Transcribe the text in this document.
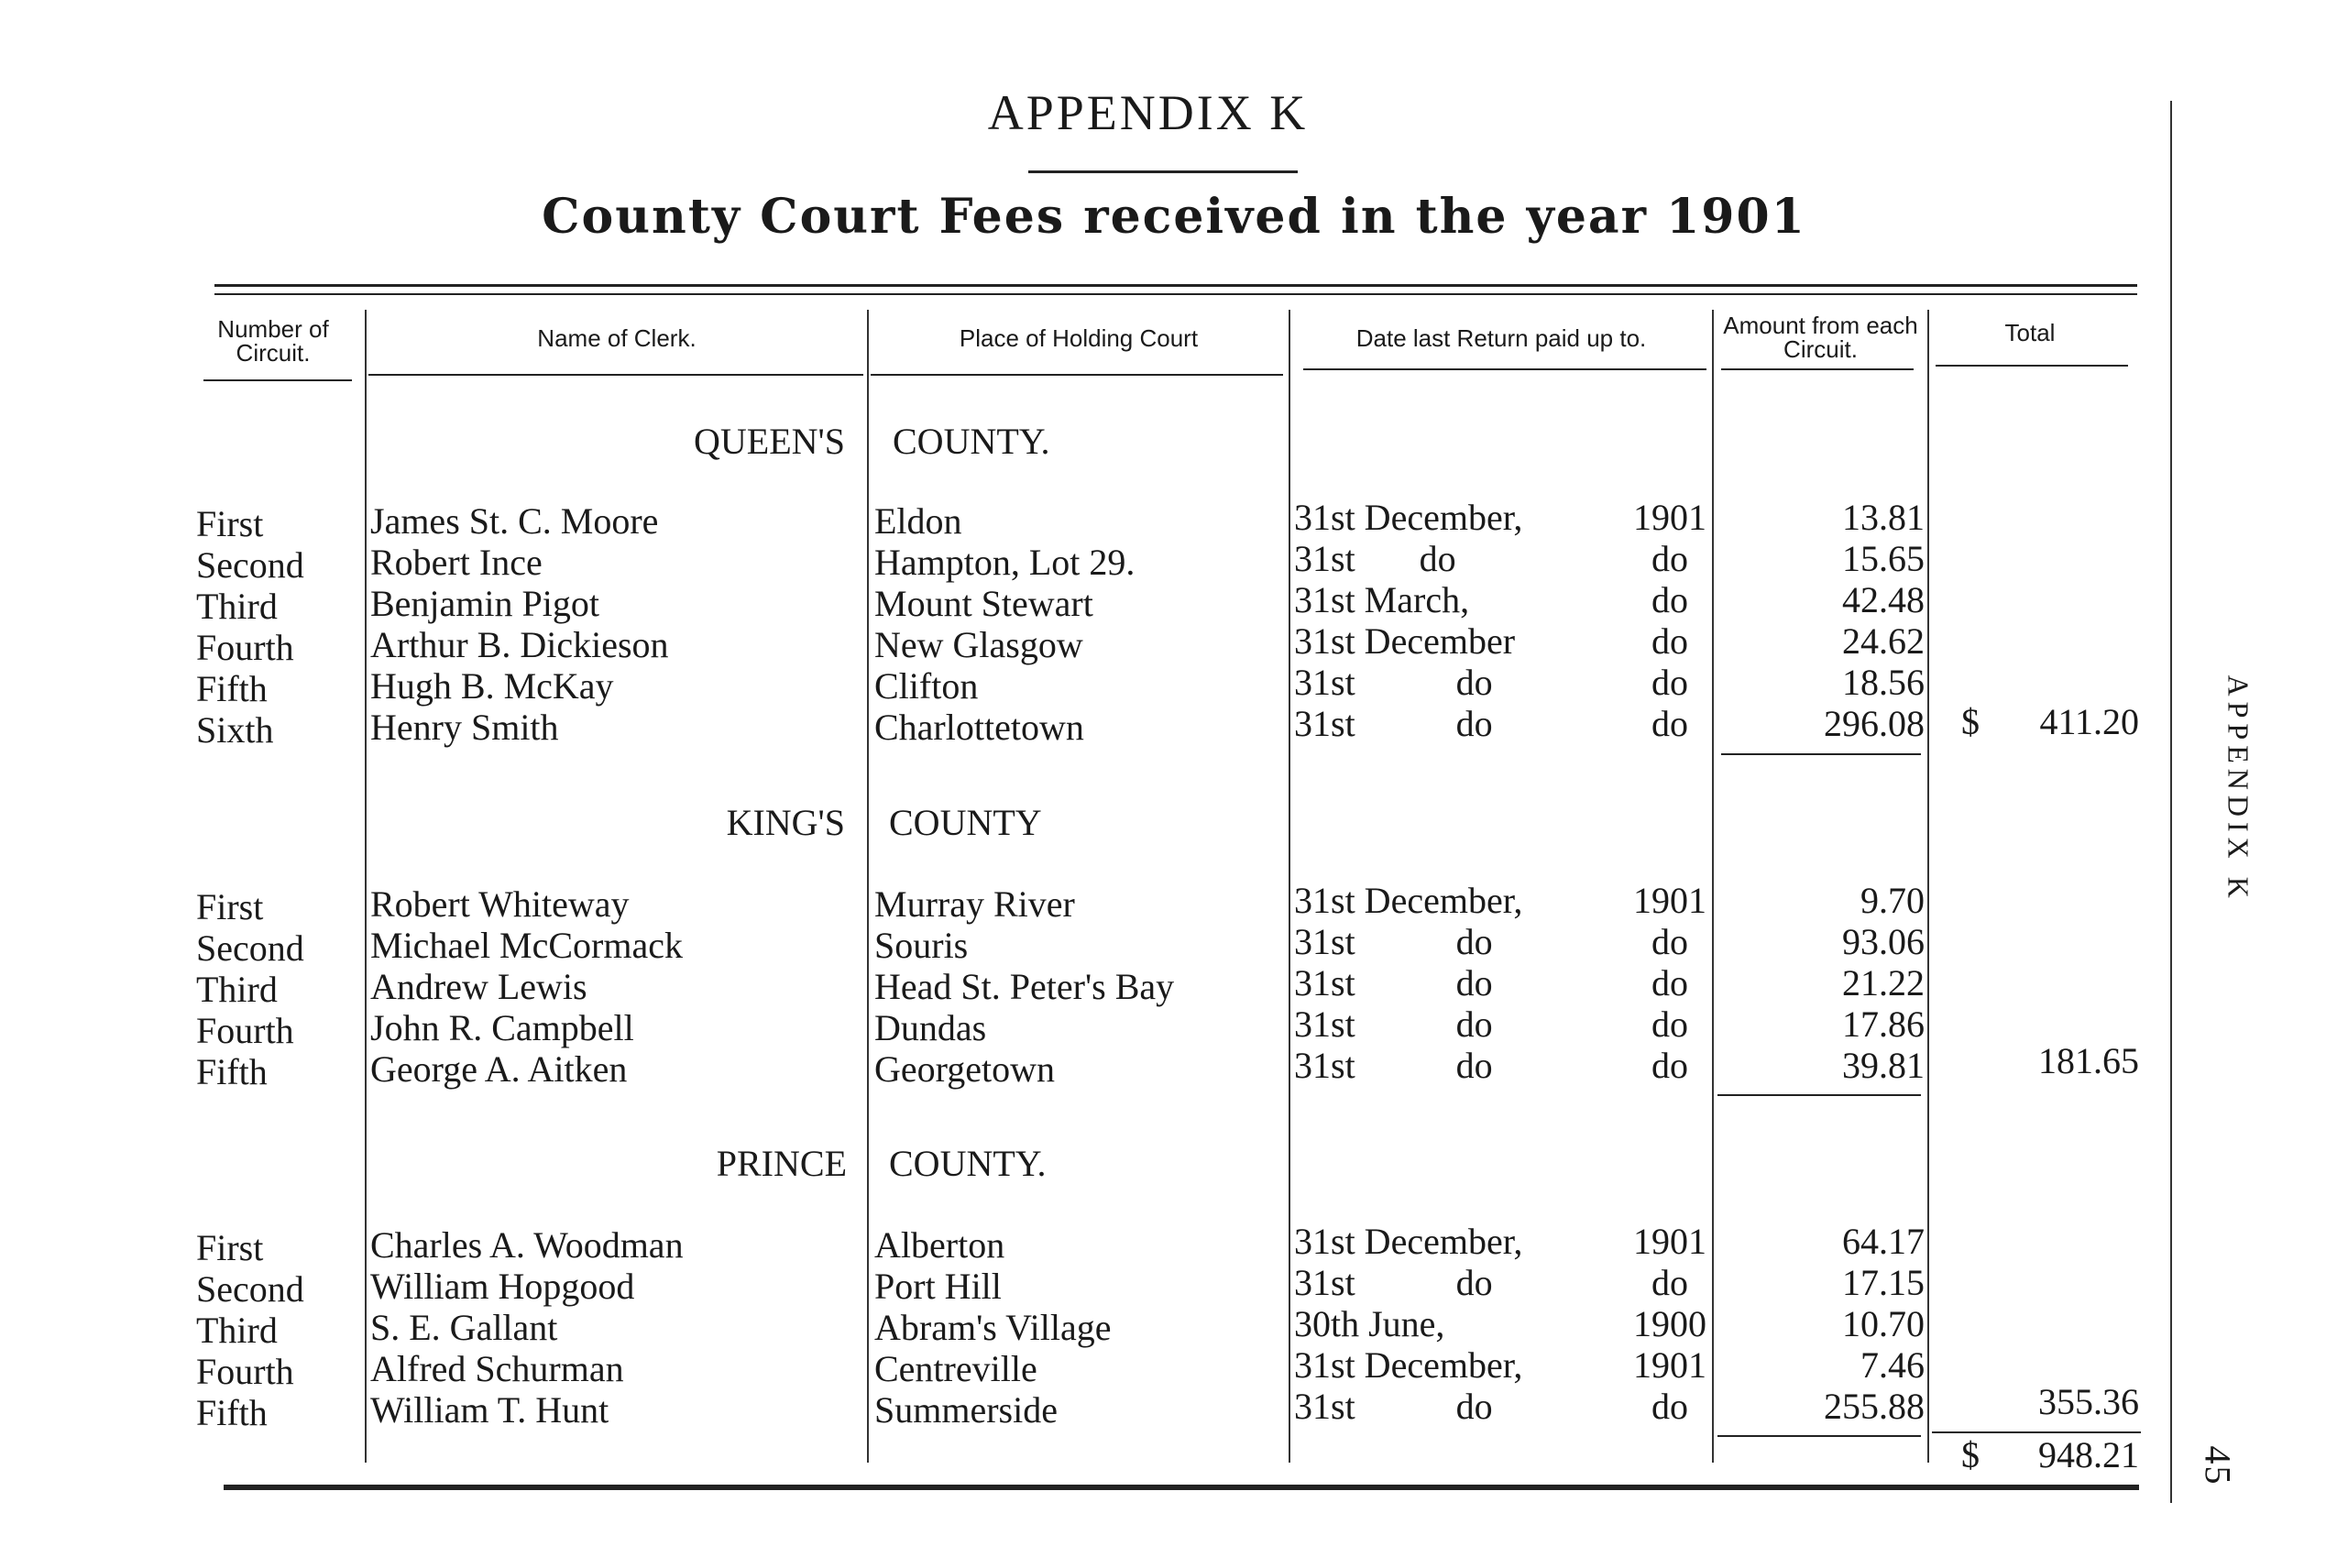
APPENDIX K
County Court Fees received in the year 1901
Number of Circuit.
Name of Clerk.	Place of Holding Court	Date last Return paid up to.	Amount from each Circuit.
Total
QUEEN'S COUNTY.
First	James St. C. Moore	Eldon	31st December,	1901	13.81
Second Robert Ince	Hampton, Lot 29.	31st       do	do	15.65
Third	Benjamin Pigot	Mount Stewart	31st March,	do	42.48
Fourth Arthur B. Dickieson	New Glasgow	31st December	do	24.62
Fifth	Hugh B. McKay	Clifton	31st           do	do	18.56
Sixth	Henry Smith	Charlottetown	31st           do	do	296.08 $	411.20
KING'S COUNTY
First	Robert Whiteway	Murray River	31st December,	1901	9.70
Second Michael McCormack	Souris	31st           do	do	93.06
Third	Andrew Lewis	Head St. Peter's Bay	31st           do	do	21.22
Fourth John R. Campbell	Dundas	31st           do	do	17.86
Fifth	George A. Aitken	Georgetown	31st           do	do	39.81	181.65
PRINCE COUNTY.
First	Charles A. Woodman	Alberton	31st December,	1901	64.17
Second William Hopgood	Port Hill	31st           do	do	17.15
Third	S. E. Gallant	Abram's Village	30th June,	1900	10.70
Fourth Alfred Schurman	Centreville	31st December,	1901	7.46
Fifth	William T. Hunt	Summerside	31st           do	do	255.88	355.36
$	948.21
APPENDIX K
45
